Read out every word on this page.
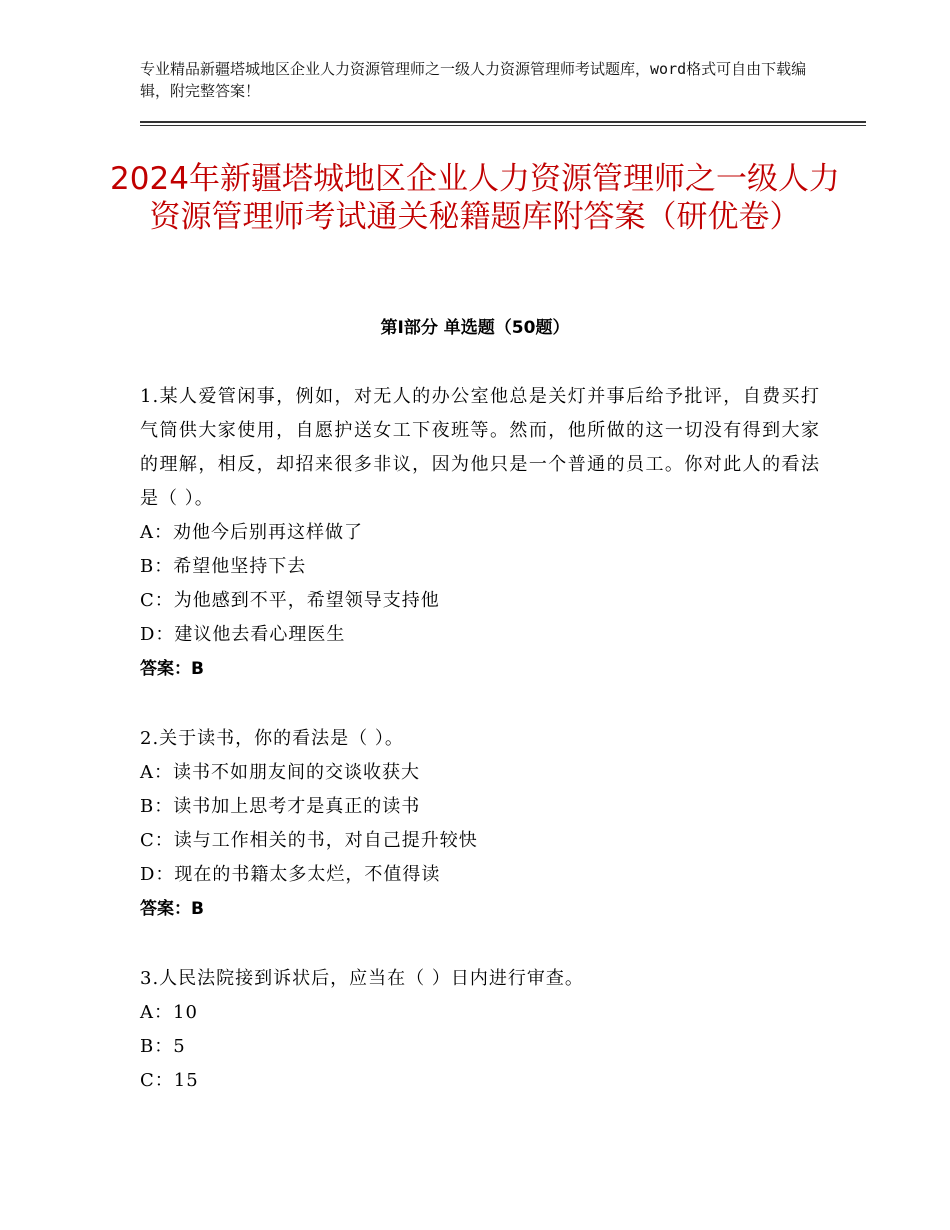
专业精品新疆塔城地区企业人力资源管理师之一级人力资源管理师考试题库，word格式可自由下载编辑，附完整答案！
2024年新疆塔城地区企业人力资源管理师之一级人力资源管理师考试通关秘籍题库附答案（研优卷）
第Ⅰ部分 单选题（50题）
1.某人爱管闲事，例如，对无人的办公室他总是关灯并事后给予批评，自费买打气筒供大家使用，自愿护送女工下夜班等。然而，他所做的这一切没有得到大家的理解，相反，却招来很多非议，因为他只是一个普通的员工。你对此人的看法是（ ）。
A：劝他今后别再这样做了
B：希望他坚持下去
C：为他感到不平，希望领导支持他
D：建议他去看心理医生
答案：B
2.关于读书，你的看法是（ ）。
A：读书不如朋友间的交谈收获大
B：读书加上思考才是真正的读书
C：读与工作相关的书，对自己提升较快
D：现在的书籍太多太烂，不值得读
答案：B
3.人民法院接到诉状后，应当在（ ）日内进行审查。
A：10
B：5
C：15
